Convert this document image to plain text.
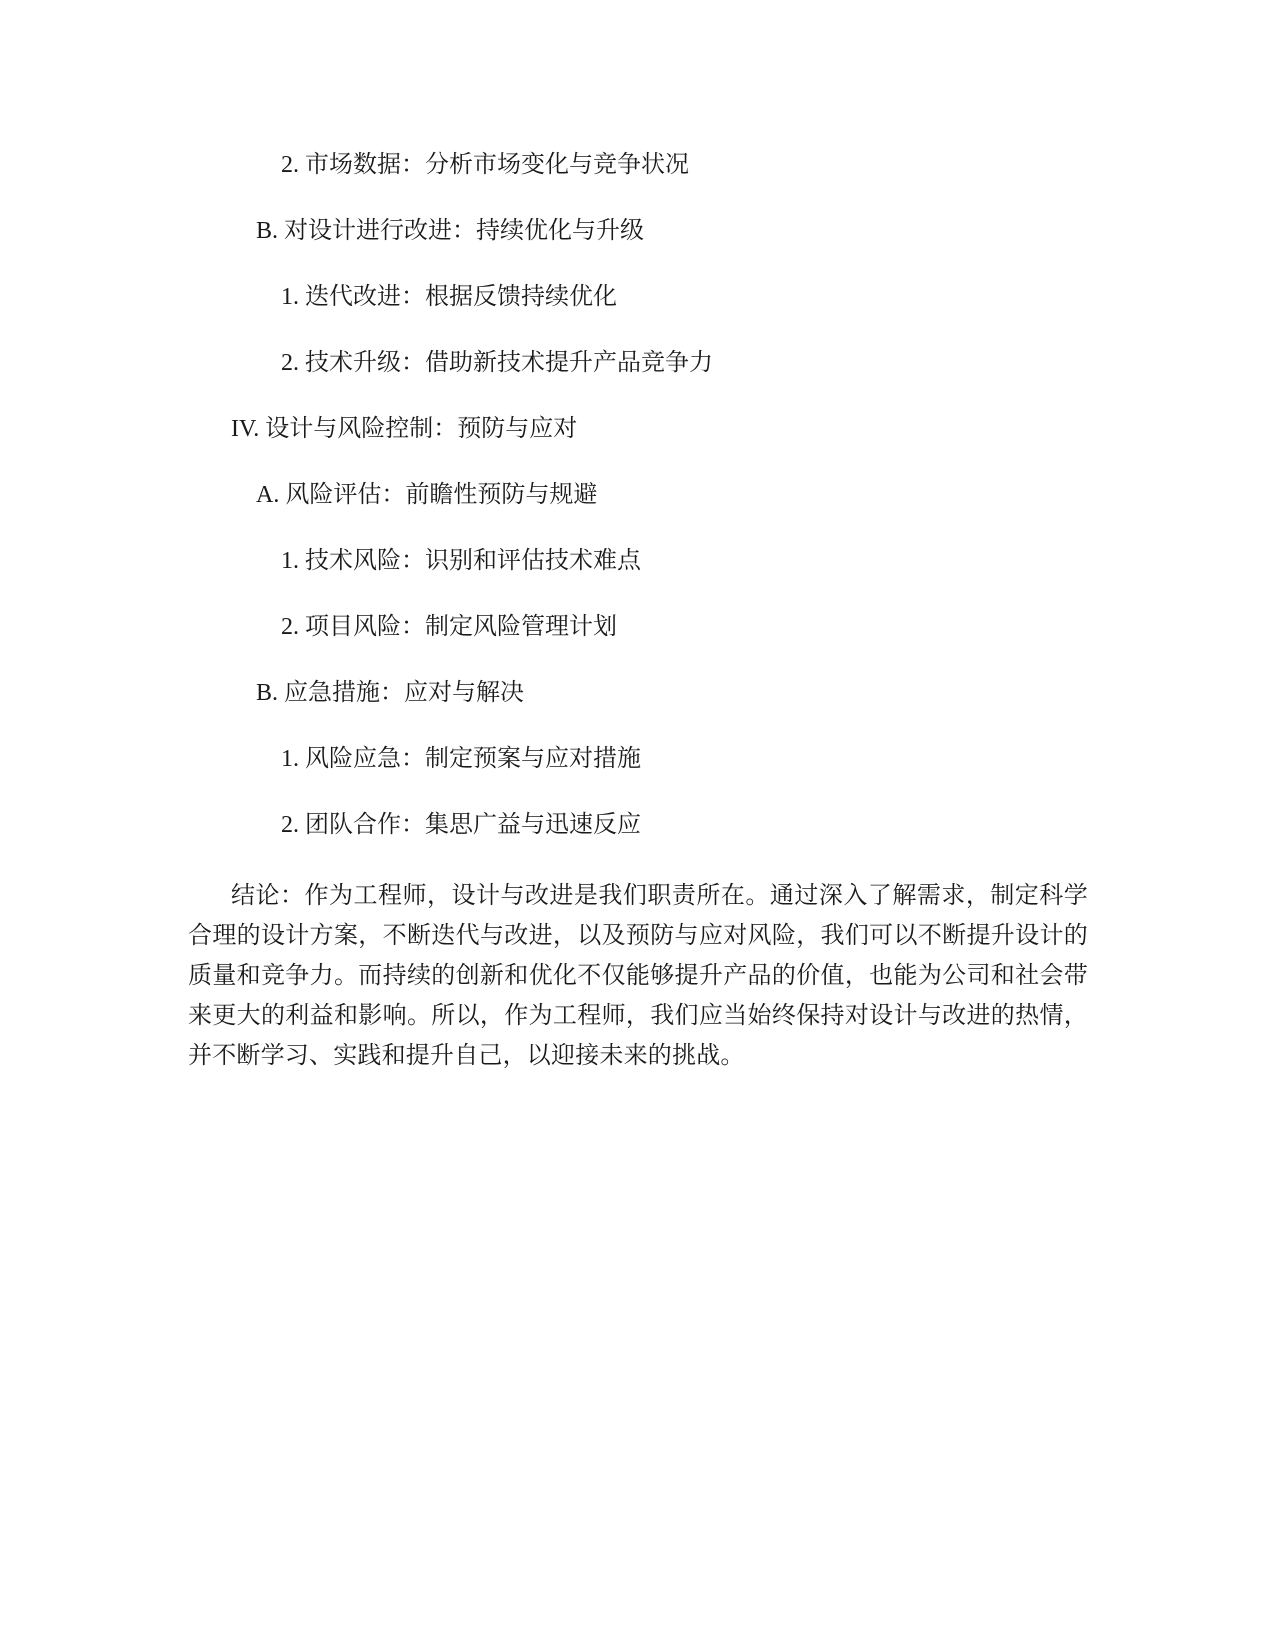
2. 市场数据：分析市场变化与竞争状况
B. 对设计进行改进：持续优化与升级
1. 迭代改进：根据反馈持续优化
2. 技术升级：借助新技术提升产品竞争力
IV. 设计与风险控制：预防与应对
A. 风险评估：前瞻性预防与规避
1. 技术风险：识别和评估技术难点
2. 项目风险：制定风险管理计划
B. 应急措施：应对与解决
1. 风险应急：制定预案与应对措施
2. 团队合作：集思广益与迅速反应

结论：作为工程师，设计与改进是我们职责所在。通过深入了解需求，制定科学合理的设计方案，不断迭代与改进，以及预防与应对风险，我们可以不断提升设计的质量和竞争力。而持续的创新和优化不仅能够提升产品的价值，也能为公司和社会带来更大的利益和影响。所以，作为工程师，我们应当始终保持对设计与改进的热情，并不断学习、实践和提升自己，以迎接未来的挑战。
